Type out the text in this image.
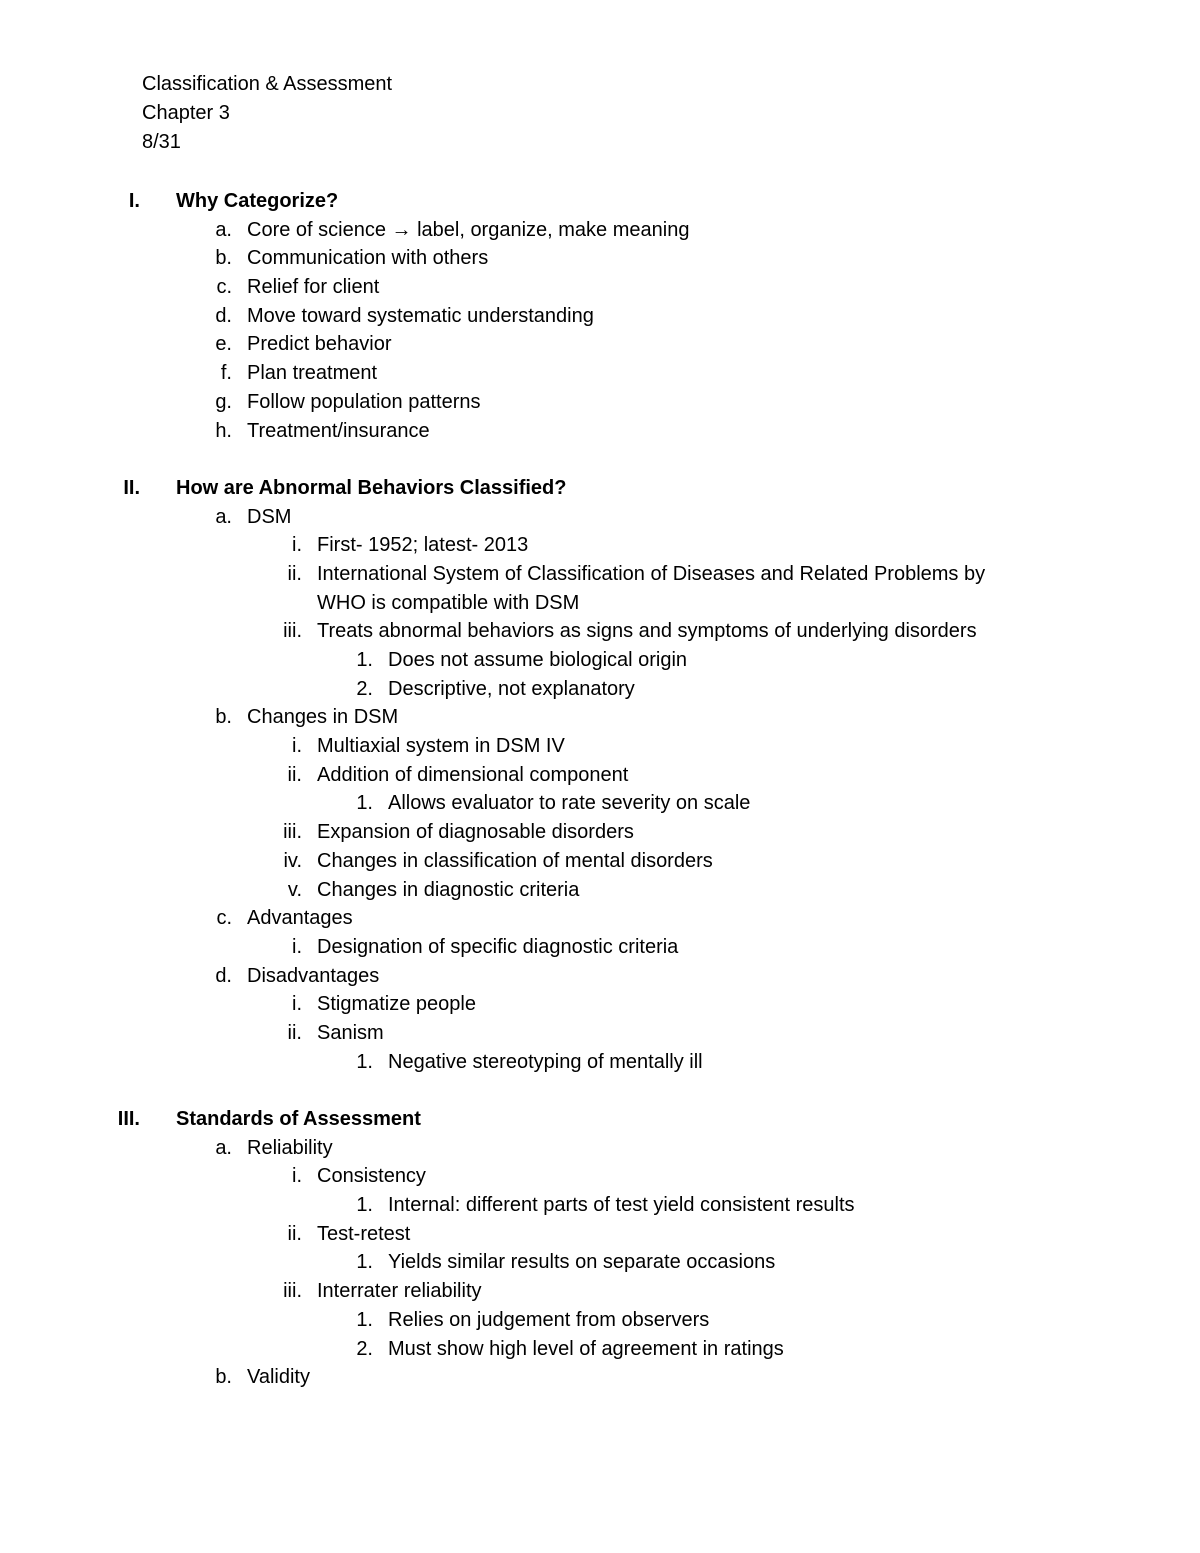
Classification & Assessment
Chapter 3
8/31
I. Why Categorize?
a. Core of science → label, organize, make meaning
b. Communication with others
c. Relief for client
d. Move toward systematic understanding
e. Predict behavior
f. Plan treatment
g. Follow population patterns
h. Treatment/insurance
II. How are Abnormal Behaviors Classified?
a. DSM
i. First- 1952; latest- 2013
ii. International System of Classification of Diseases and Related Problems by
WHO is compatible with DSM
iii. Treats abnormal behaviors as signs and symptoms of underlying disorders
1. Does not assume biological origin
2. Descriptive, not explanatory
b. Changes in DSM
i. Multiaxial system in DSM IV
ii. Addition of dimensional component
1. Allows evaluator to rate severity on scale
iii. Expansion of diagnosable disorders
iv. Changes in classification of mental disorders
v. Changes in diagnostic criteria
c. Advantages
i. Designation of specific diagnostic criteria
d. Disadvantages
i. Stigmatize people
ii. Sanism
1. Negative stereotyping of mentally ill
III. Standards of Assessment
a. Reliability
i. Consistency
1. Internal: different parts of test yield consistent results
ii. Test-retest
1. Yields similar results on separate occasions
iii. Interrater reliability
1. Relies on judgement from observers
2. Must show high level of agreement in ratings
b. Validity
